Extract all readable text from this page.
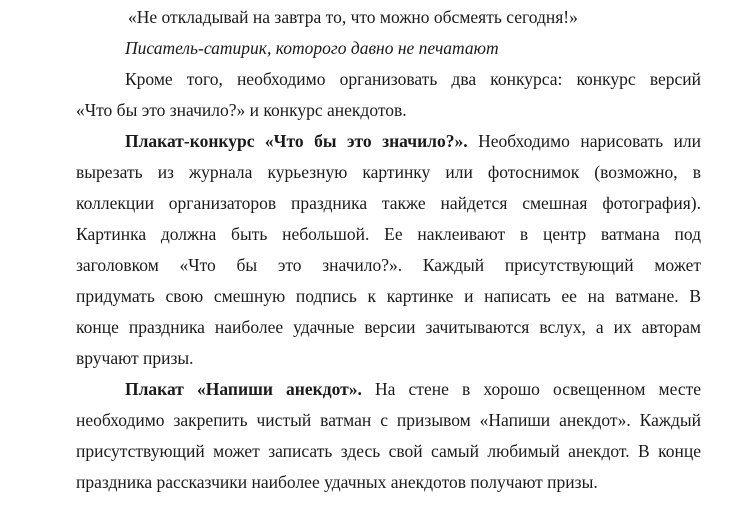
«Не откладывай на завтра то, что можно обсмеять сегодня!»
Писатель-сатирик, которого давно не печатают
Кроме того, необходимо организовать два конкурса: конкурс версий
«Что бы это значило?» и конкурс анекдотов.
Плакат-конкурс «Что бы это значило?». Необходимо нарисовать или
вырезать из журнала курьезную картинку или фотоснимок (возможно, в
коллекции организаторов праздника также найдется смешная фотография).
Картинка должна быть небольшой. Ее наклеивают в центр ватмана под
заголовком «Что бы это значило?». Каждый присутствующий может
придумать свою смешную подпись к картинке и написать ее на ватмане. В
конце праздника наиболее удачные версии зачитываются вслух, а их авторам
вручают призы.
Плакат «Напиши анекдот». На стене в хорошо освещенном месте
необходимо закрепить чистый ватман с призывом «Напиши анекдот». Каждый
присутствующий может записать здесь свой самый любимый анекдот. В конце
праздника рассказчики наиболее удачных анекдотов получают призы.
